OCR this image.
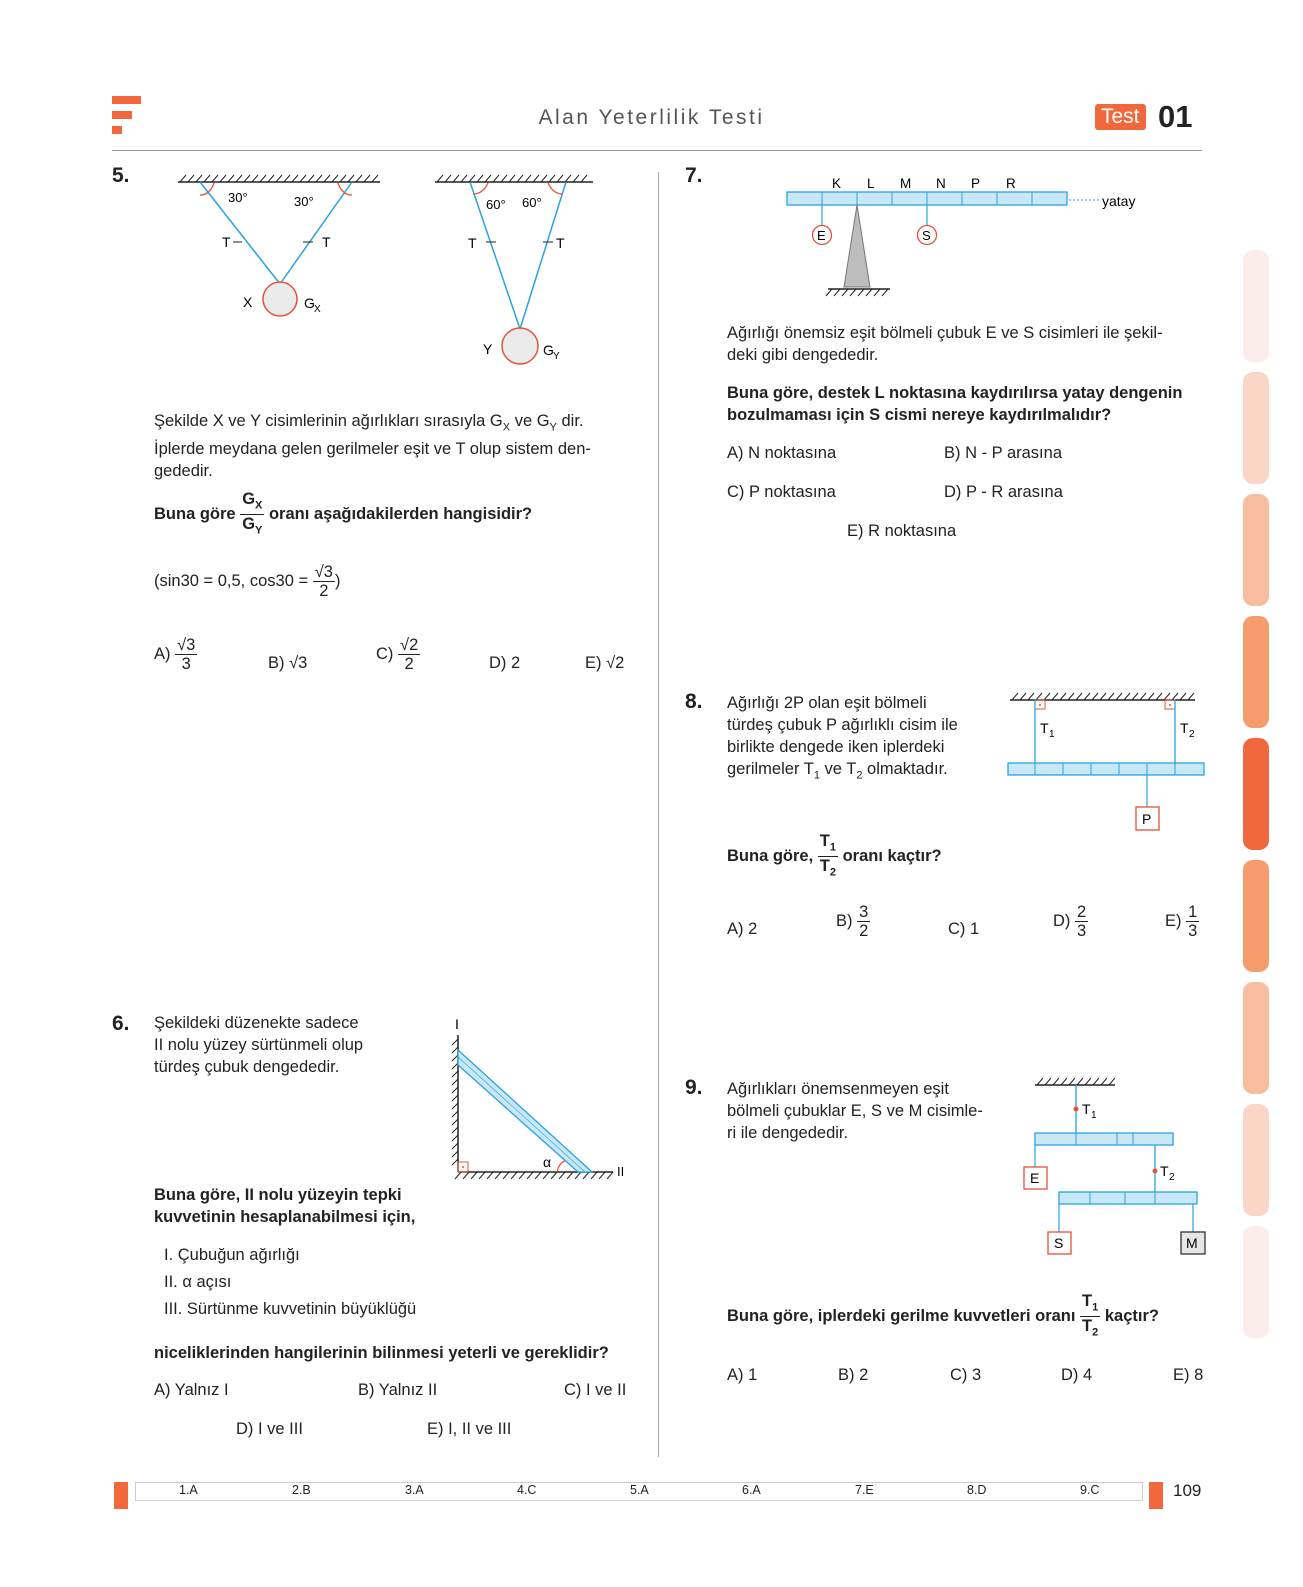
Alan Yeterlilik Testi	Test 01
5.
30°	30°
T	T
X	G X
60° 60°
T	T
Y	G Y
Şekilde X ve Y cisimlerinin ağırlıkları sırasıyla $G_X$ ve $G_Y$ dir.
İplerde meydana gelen gerilmeler eşit ve T olup sistem den-
gededir.
Buna göre $\frac{G_X}{G_Y}$ oranı aşağıdakilerden hangisidir?
(sin30 = 0,5, $\cos 30 = \frac{√3}{2}$ )
$A) \frac{√3}{3}$	B) √3
$C) \frac{√2}{2}$	D) 2	E) √2
6. Şekildeki düzenekte sadece
II nolu yüzey sürtünmeli olup
türdeş çubuk dengededir.
I
α
II
Buna göre, II nolu yüzeyin tepki
kuvvetinin hesaplanabilmesi için,
I. Çubuğun ağırlığı
II. α açısı
III. Sürtünme kuvvetinin büyüklüğü
niceliklerinden hangilerinin bilinmesi yeterli ve gereklidir?
A) Yalnız I	B) Yalnız II	C) I ve II
D) I ve III	E) I, II ve III
7.	K L M N P R
yatay
E	S
Ağırlığı önemsiz eşit bölmeli çubuk E ve S cisimleri ile şekil-
deki gibi dengededir.
Buna göre, destek L noktasına kaydırılırsa yatay dengenin
bozulmaması için S cismi nereye kaydırılmalıdır?
A) N noktasına	B) N - P arasına
C) P noktasına	D) P - R arasına
E) R noktasına
8. Ağırlığı 2P olan eşit bölmeli
türdeş çubuk P ağırlıklı cisim ile
birlikte dengede iken iplerdeki
gerilmeler $T_1$ ve $T_2$ olmaktadır.
T 1	T 2
P
Buna göre, $\frac{T_1}{T_2}$ oranı kaçtır?
A) 2	$B) \frac{3}{2}$	C) 1	$D) \frac{2}{3}$	$E) \frac{1}{3}$
9. Ağırlıkları önemsenmeyen eşit
bölmeli çubuklar E, S ve M cisimle-
ri ile dengededir.
T 1
E	T 2
S	M
Buna göre, iplerdeki gerilme kuvvetleri oranı $\frac{T_1}{T_2}$ kaçtır?
A) 1	B) 2	C) 3	D) 4	E) 8
1.A	2.B	3.A	4.C	5.A	6.A	7.E	8.D	9.C	109
